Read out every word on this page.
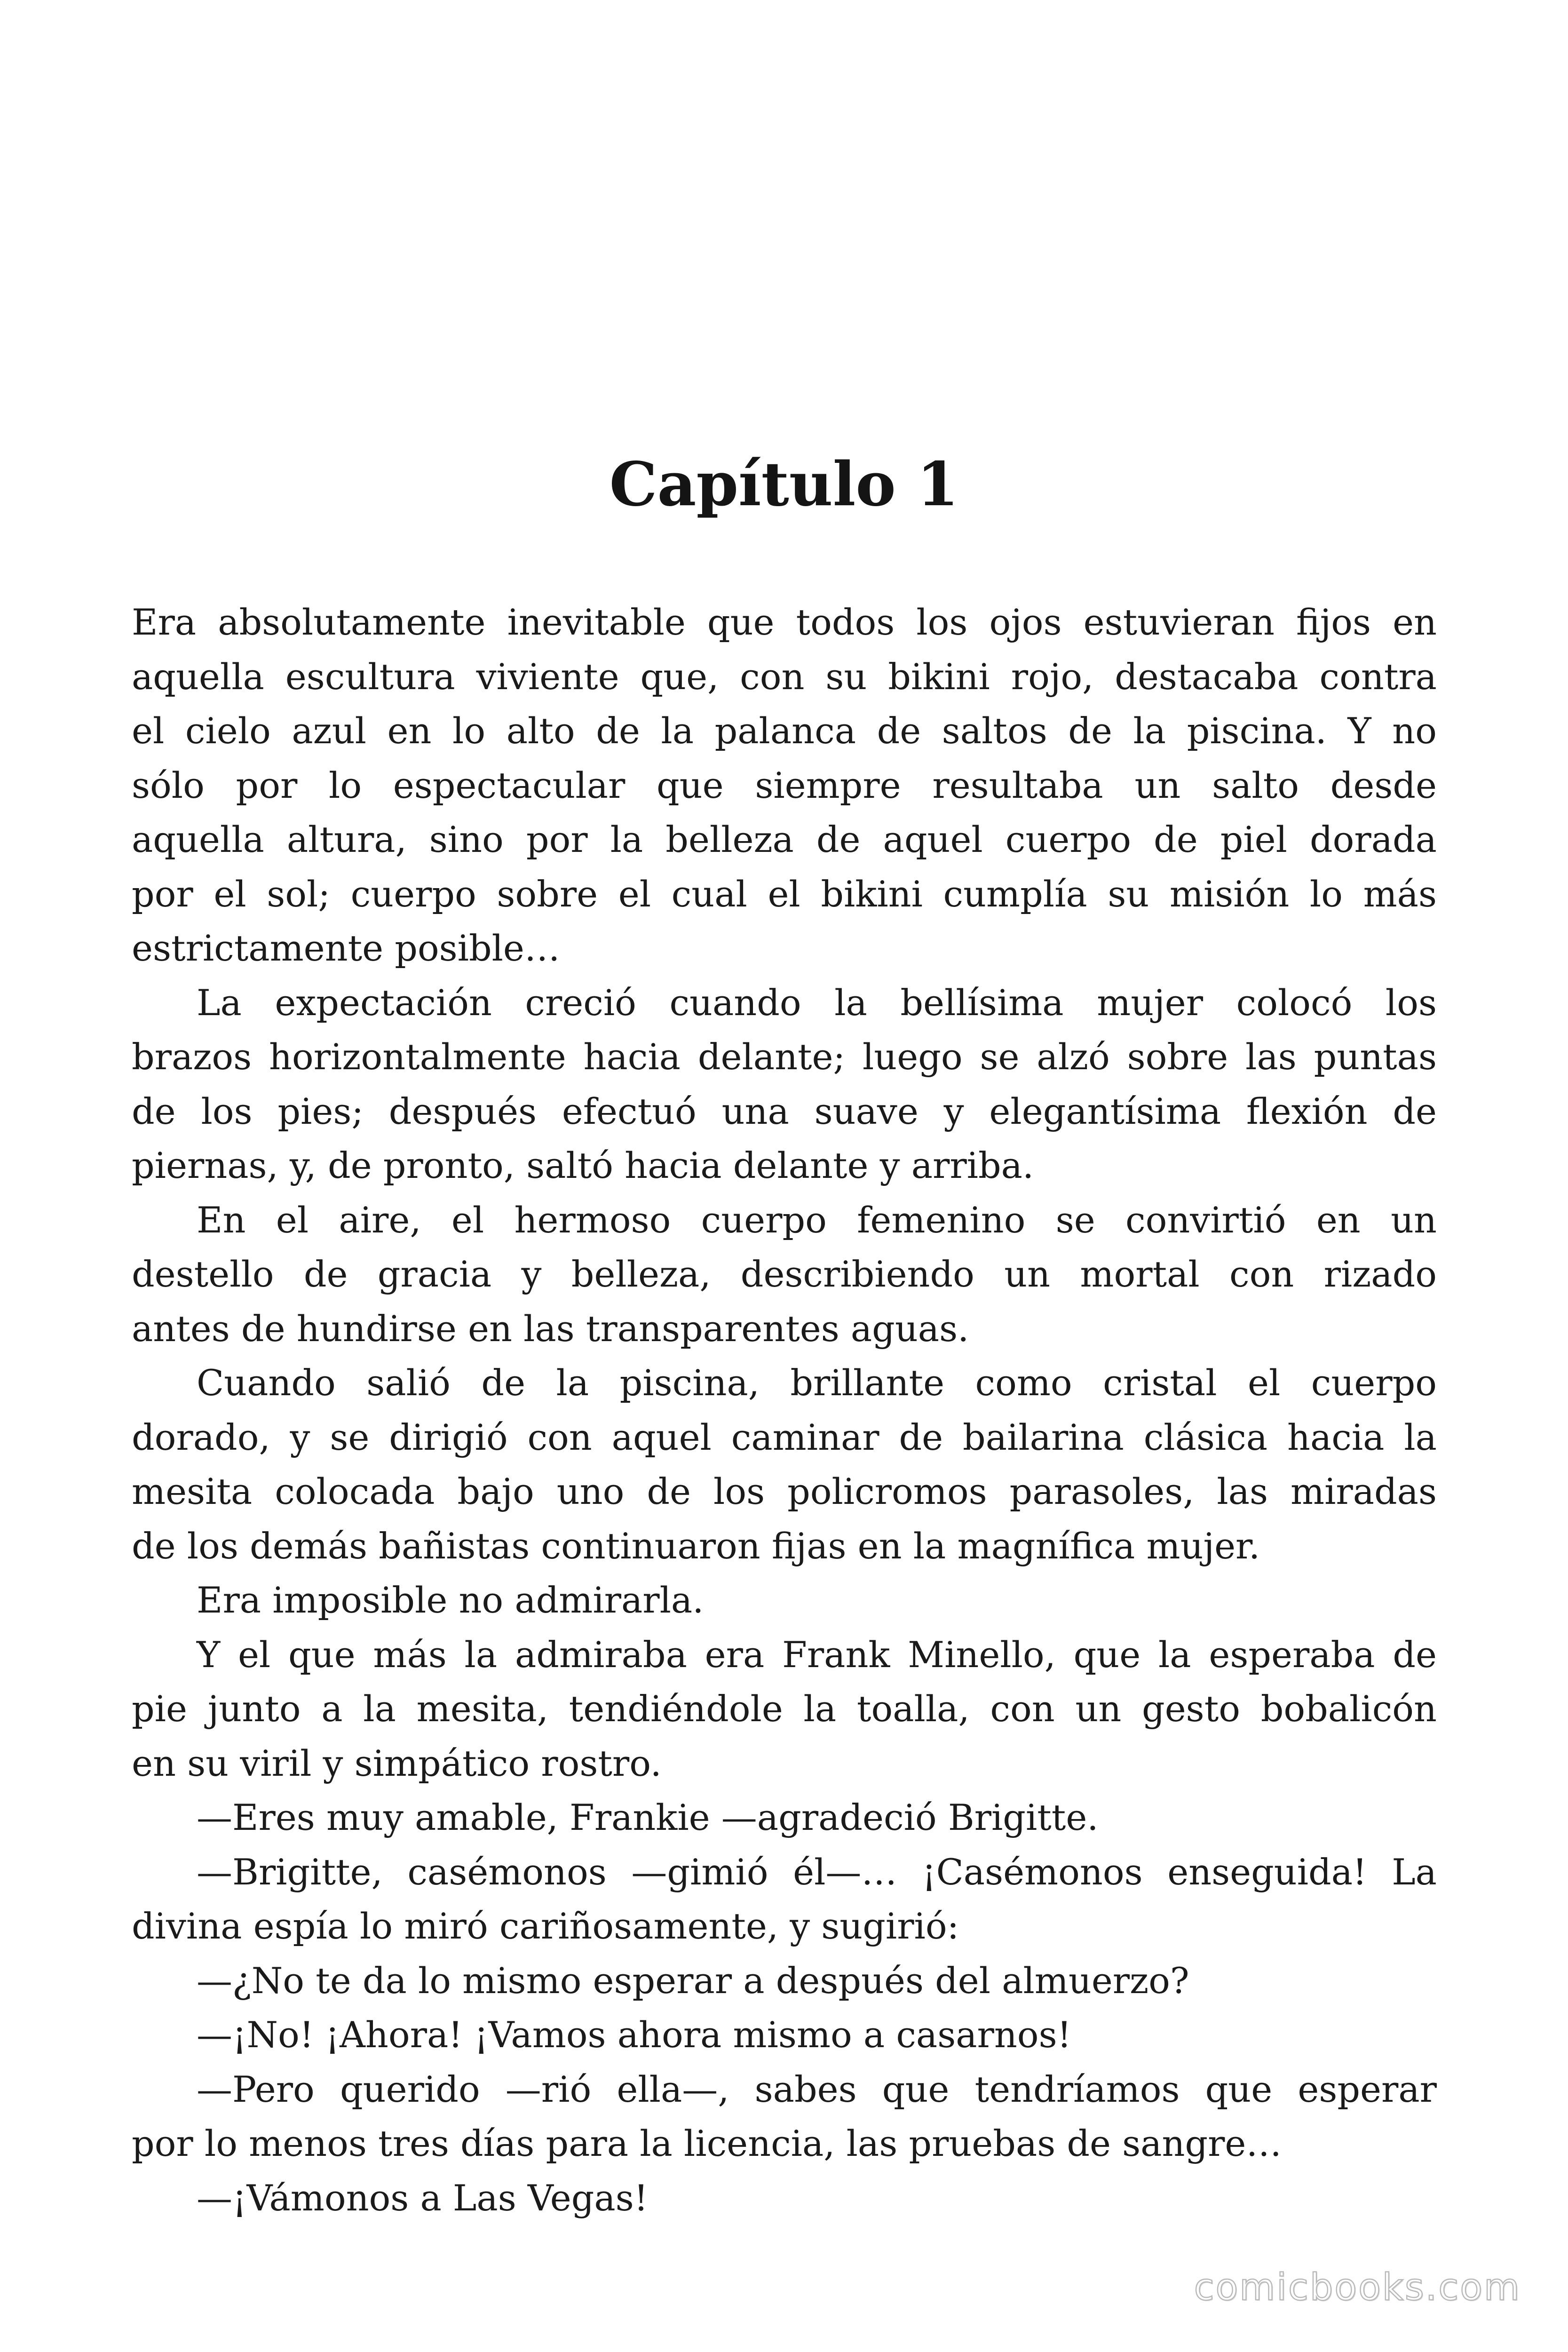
Capítulo 1
Era absolutamente inevitable que todos los ojos estuvieran fijos en
aquella escultura viviente que, con su bikini rojo, destacaba contra
el cielo azul en lo alto de la palanca de saltos de la piscina. Y no
sólo por lo espectacular que siempre resultaba un salto desde
aquella altura, sino por la belleza de aquel cuerpo de piel dorada
por el sol; cuerpo sobre el cual el bikini cumplía su misión lo más
estrictamente posible…
La expectación creció cuando la bellísima mujer colocó los
brazos horizontalmente hacia delante; luego se alzó sobre las puntas
de los pies; después efectuó una suave y elegantísima flexión de
piernas, y, de pronto, saltó hacia delante y arriba.
En el aire, el hermoso cuerpo femenino se convirtió en un
destello de gracia y belleza, describiendo un mortal con rizado
antes de hundirse en las transparentes aguas.
Cuando salió de la piscina, brillante como cristal el cuerpo
dorado, y se dirigió con aquel caminar de bailarina clásica hacia la
mesita colocada bajo uno de los policromos parasoles, las miradas
de los demás bañistas continuaron fijas en la magnífica mujer.
Era imposible no admirarla.
Y el que más la admiraba era Frank Minello, que la esperaba de
pie junto a la mesita, tendiéndole la toalla, con un gesto bobalicón
en su viril y simpático rostro.
—Eres muy amable, Frankie —agradeció Brigitte.
—Brigitte, casémonos —gimió él—… ¡Casémonos enseguida! La
divina espía lo miró cariñosamente, y sugirió:
—¿No te da lo mismo esperar a después del almuerzo?
—¡No! ¡Ahora! ¡Vamos ahora mismo a casarnos!
—Pero querido —rió ella—, sabes que tendríamos que esperar
por lo menos tres días para la licencia, las pruebas de sangre…
—¡Vámonos a Las Vegas!
comicbooks.com
